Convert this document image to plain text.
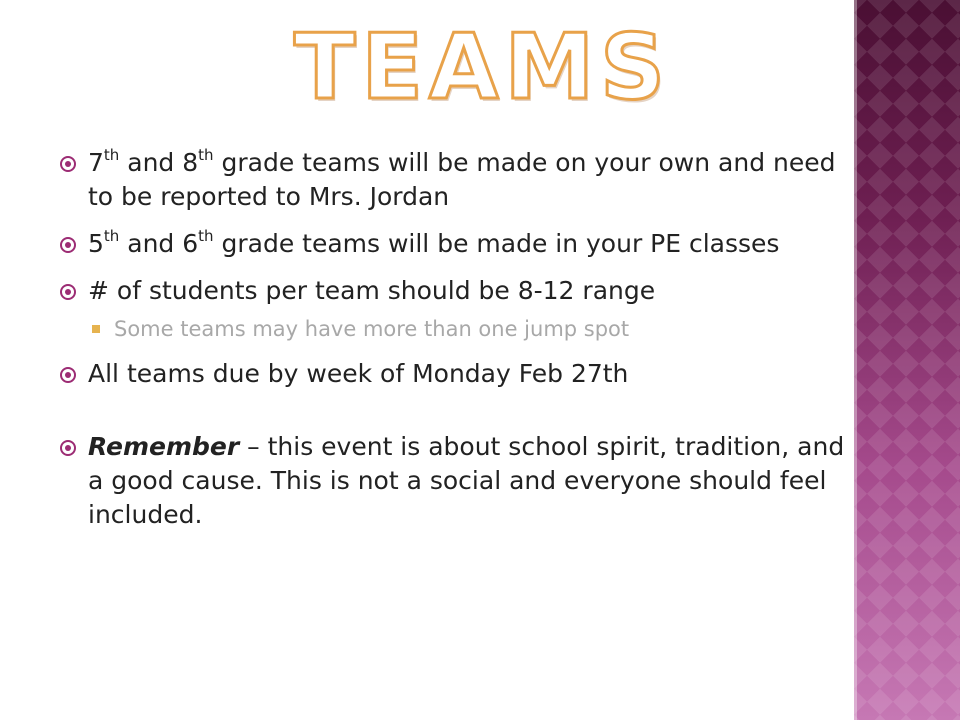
TEAMS
7th and 8th grade teams will be made on your own and need to be reported to Mrs. Jordan
5th and 6th grade teams will be made in your PE classes
# of students per team should be 8-12 range
Some teams may have more than one jump spot
All teams due by week of Monday Feb 27th
Remember – this event is about school spirit, tradition, and a good cause. This is not a social and everyone should feel included.
